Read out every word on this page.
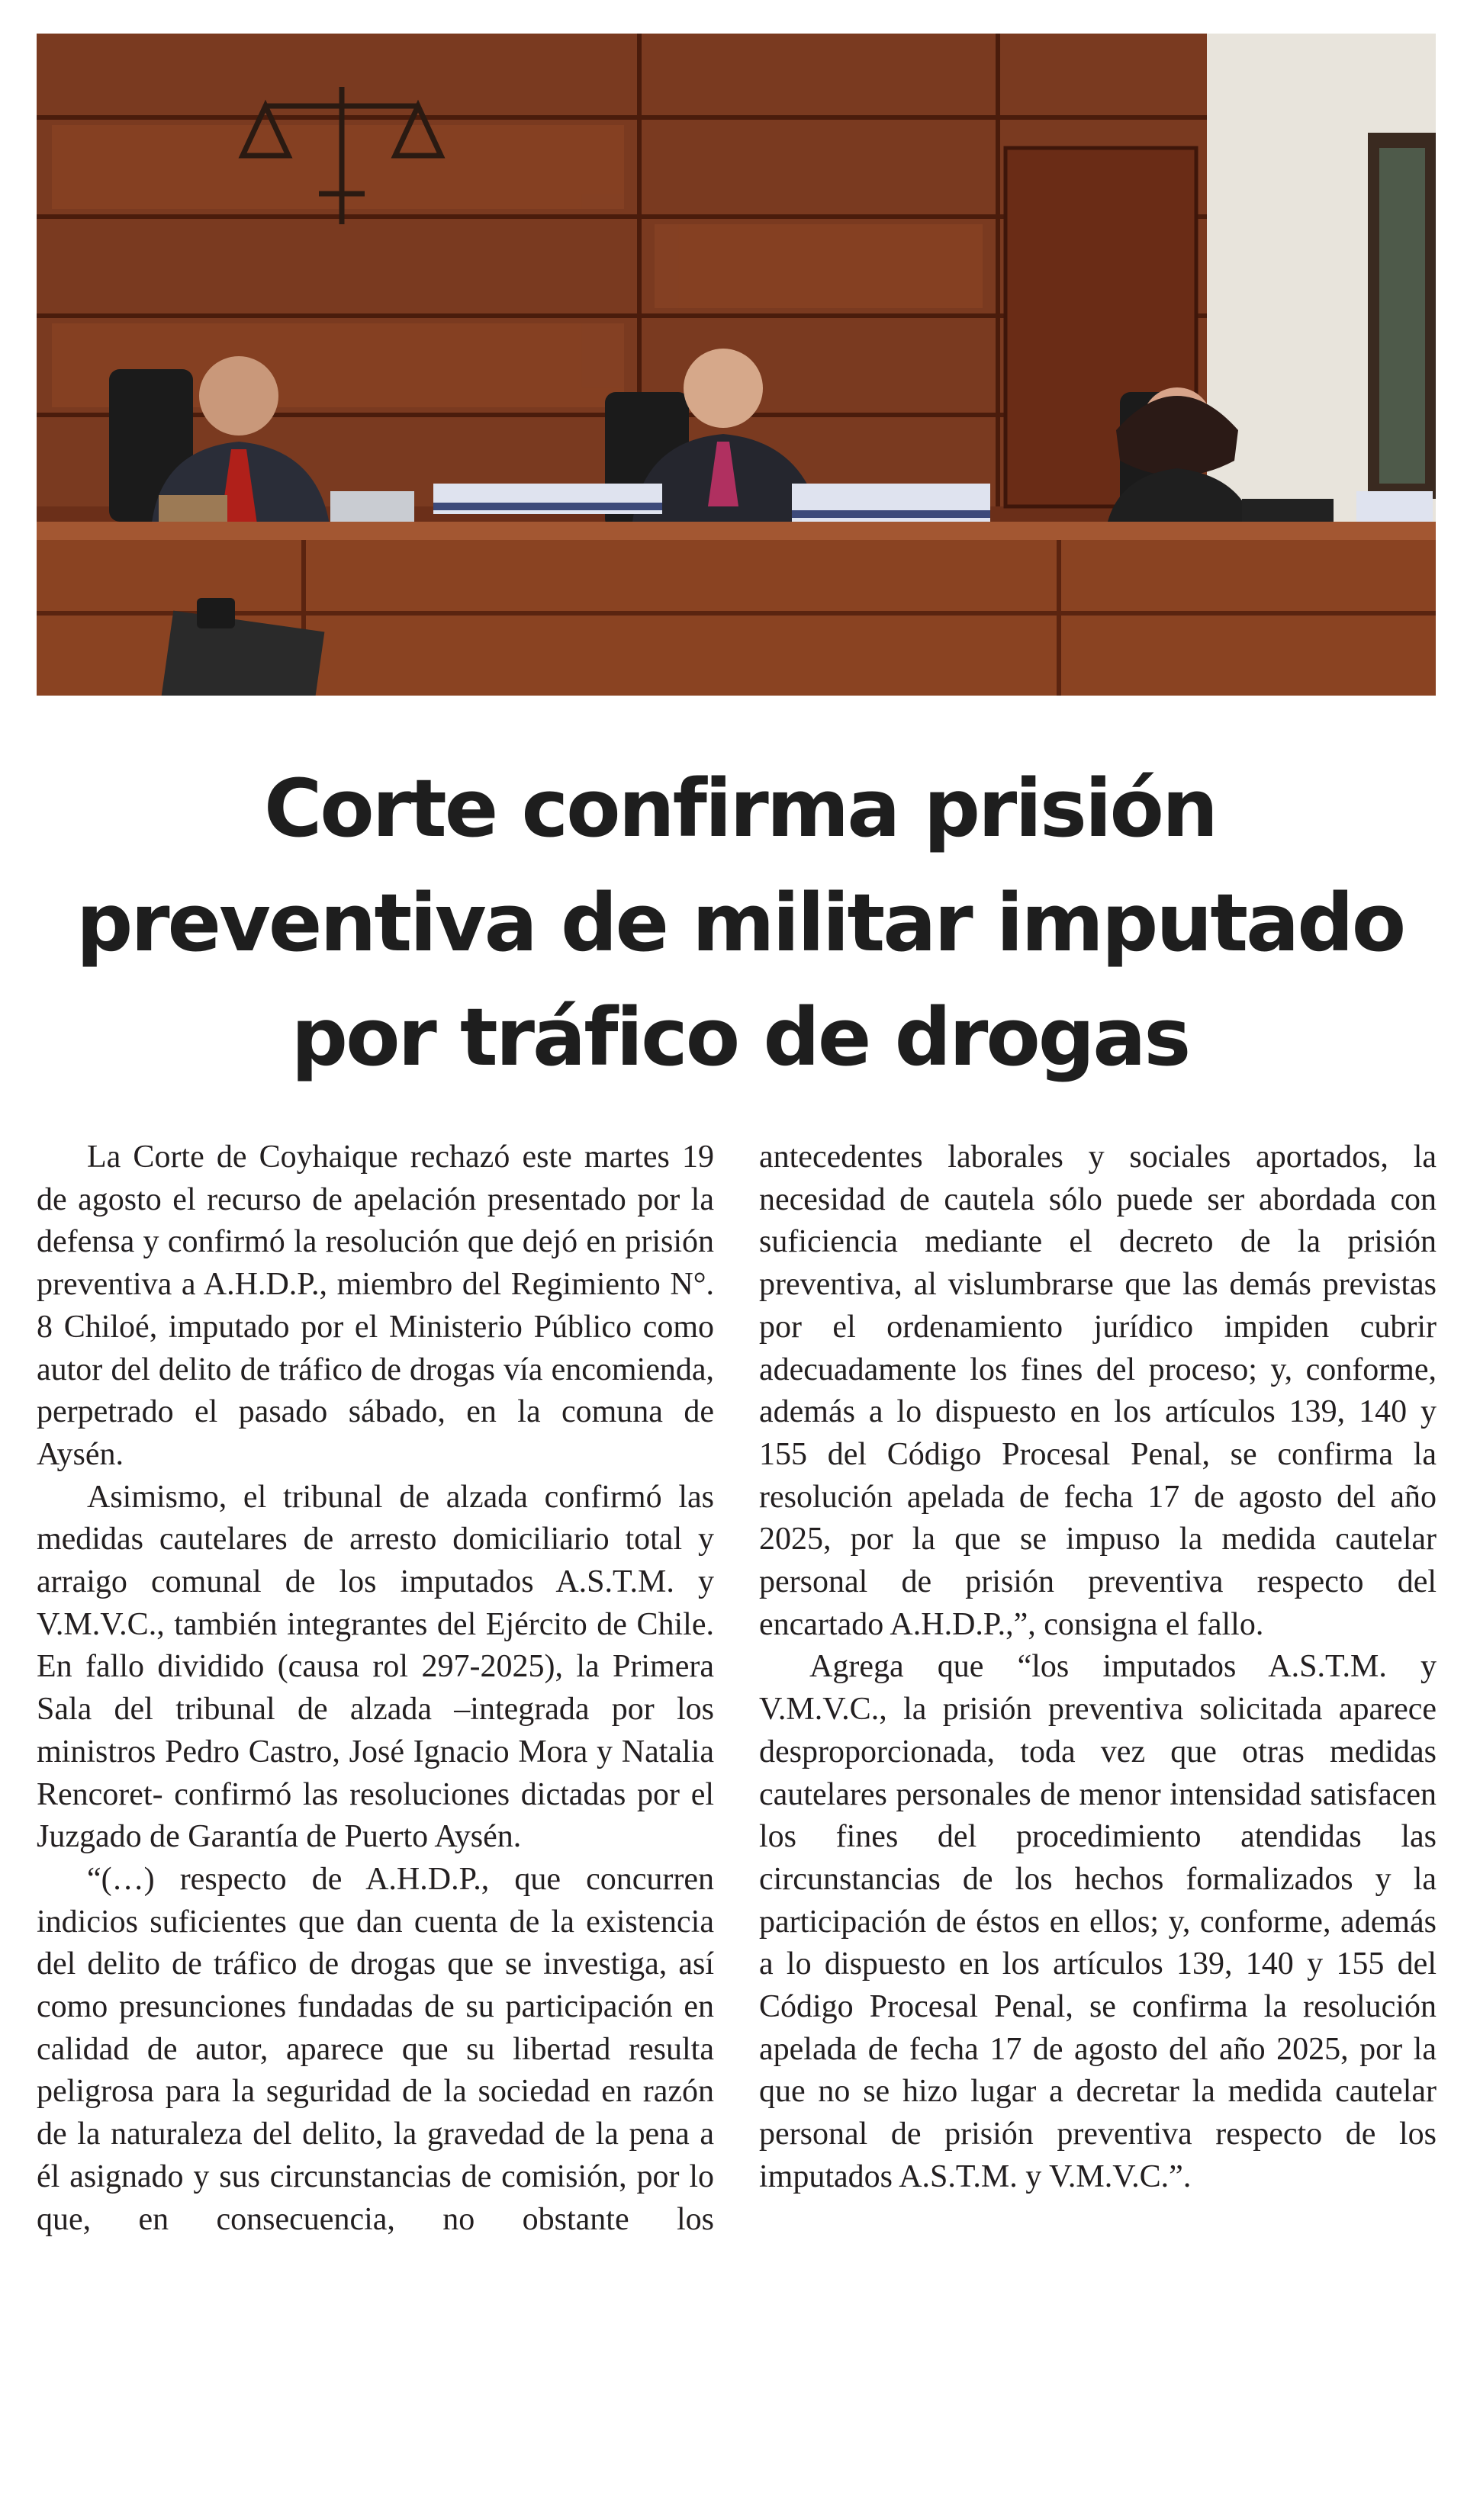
Corte confirma prisión
preventiva de militar imputado
por tráfico de drogas

La Corte de Coyhaique rechazó este martes 19 de agosto el recurso de apelación presentado por la defensa y confirmó la resolución que dejó en prisión preventiva a A.H.D.P., miembro del Regimiento N°. 8 Chiloé, imputado por el Ministerio Público como autor del delito de tráfico de drogas vía encomienda, perpetrado el pasado sábado, en la comuna de Aysén.

Asimismo, el tribunal de alzada confirmó las medidas cautelares de arresto domiciliario total y arraigo comunal de los imputados A.S.T.M. y V.M.V.C., también integrantes del Ejército de Chile. En fallo dividido (causa rol 297-2025), la Primera Sala del tribunal de alzada –integrada por los ministros Pedro Castro, José Ignacio Mora y Natalia Rencoret- confirmó las resoluciones dictadas por el Juzgado de Garantía de Puerto Aysén.

“(…) respecto de A.H.D.P., que concurren indicios suficientes que dan cuenta de la existencia del delito de tráfico de drogas que se investiga, así como presunciones fundadas de su participación en calidad de autor, aparece que su libertad resulta peligrosa para la seguridad de la sociedad en razón de la naturaleza del delito, la gravedad de la pena a él asignado y sus circunstancias de comisión, por lo que, en consecuencia, no obstante los

antecedentes laborales y sociales aportados, la necesidad de cautela sólo puede ser abordada con suficiencia mediante el decreto de la prisión preventiva, al vislumbrarse que las demás previstas por el ordenamiento jurídico impiden cubrir adecuadamente los fines del proceso; y, conforme, además a lo dispuesto en los artículos 139, 140 y 155 del Código Procesal Penal, se confirma la resolución apelada de fecha 17 de agosto del año 2025, por la que se impuso la medida cautelar personal de prisión preventiva respecto del encartado A.H.D.P.,”, consigna el fallo.

Agrega que “los imputados A.S.T.M. y V.M.V.C., la prisión preventiva solicitada aparece desproporcionada, toda vez que otras medidas cautelares personales de menor intensidad satisfacen los fines del procedimiento atendidas las circunstancias de los hechos formalizados y la participación de éstos en ellos; y, conforme, además a lo dispuesto en los artículos 139, 140 y 155 del Código Procesal Penal, se confirma la resolución apelada de fecha 17 de agosto del año 2025, por la que no se hizo lugar a decretar la medida cautelar personal de prisión preventiva respecto de los imputados A.S.T.M. y V.M.V.C.”.
